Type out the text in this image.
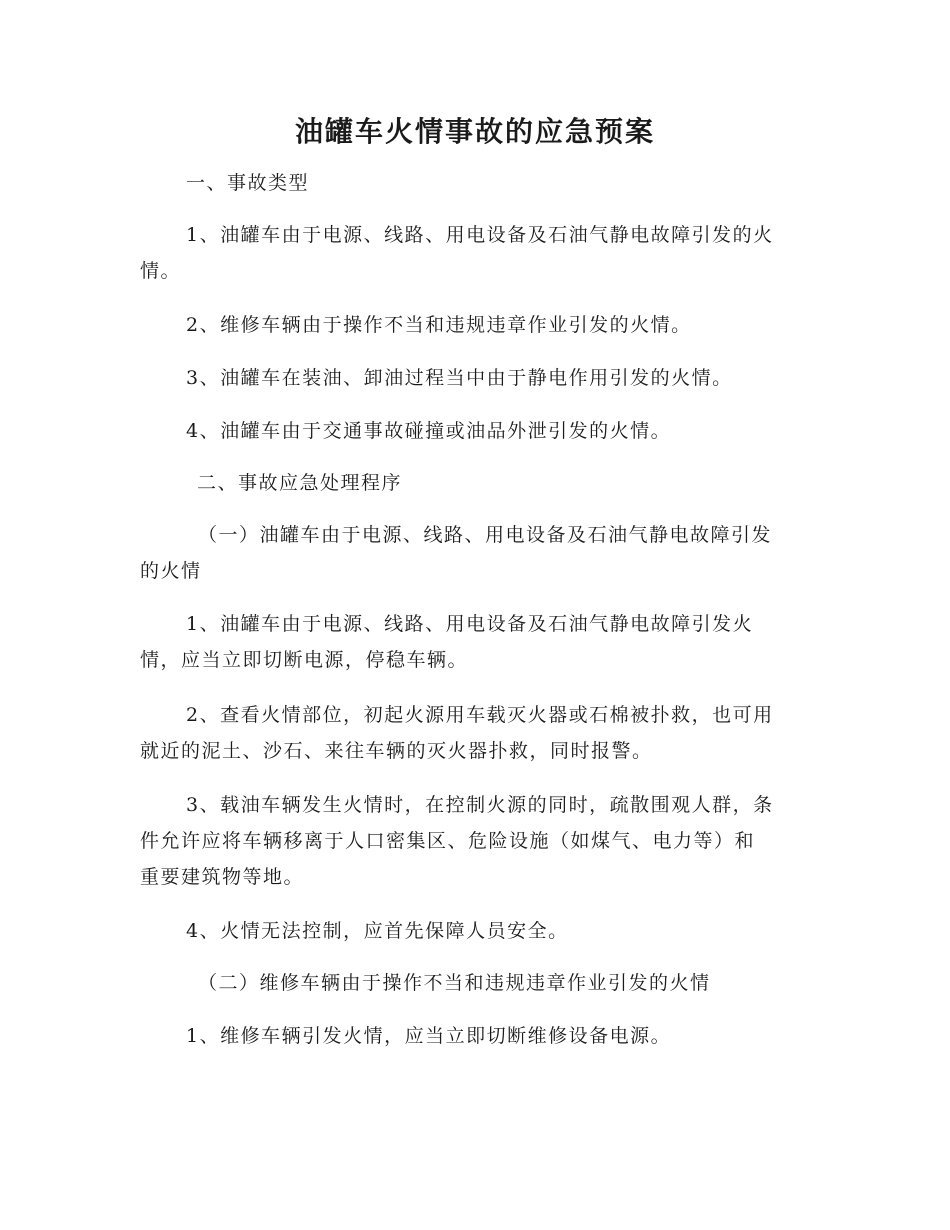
油罐车火情事故的应急预案

一、事故类型

1、油罐车由于电源、线路、用电设备及石油气静电故障引发的火
情。

2、维修车辆由于操作不当和违规违章作业引发的火情。

3、油罐车在装油、卸油过程当中由于静电作用引发的火情。

4、油罐车由于交通事故碰撞或油品外泄引发的火情。

二、事故应急处理程序

（一）油罐车由于电源、线路、用电设备及石油气静电故障引发
的火情

1、油罐车由于电源、线路、用电设备及石油气静电故障引发火
情，应当立即切断电源，停稳车辆。

2、查看火情部位，初起火源用车载灭火器或石棉被扑救，也可用
就近的泥土、沙石、来往车辆的灭火器扑救，同时报警。

3、载油车辆发生火情时，在控制火源的同时，疏散围观人群，条
件允许应将车辆移离于人口密集区、危险设施（如煤气、电力等）和
重要建筑物等地。

4、火情无法控制，应首先保障人员安全。

（二）维修车辆由于操作不当和违规违章作业引发的火情

1、维修车辆引发火情，应当立即切断维修设备电源。
